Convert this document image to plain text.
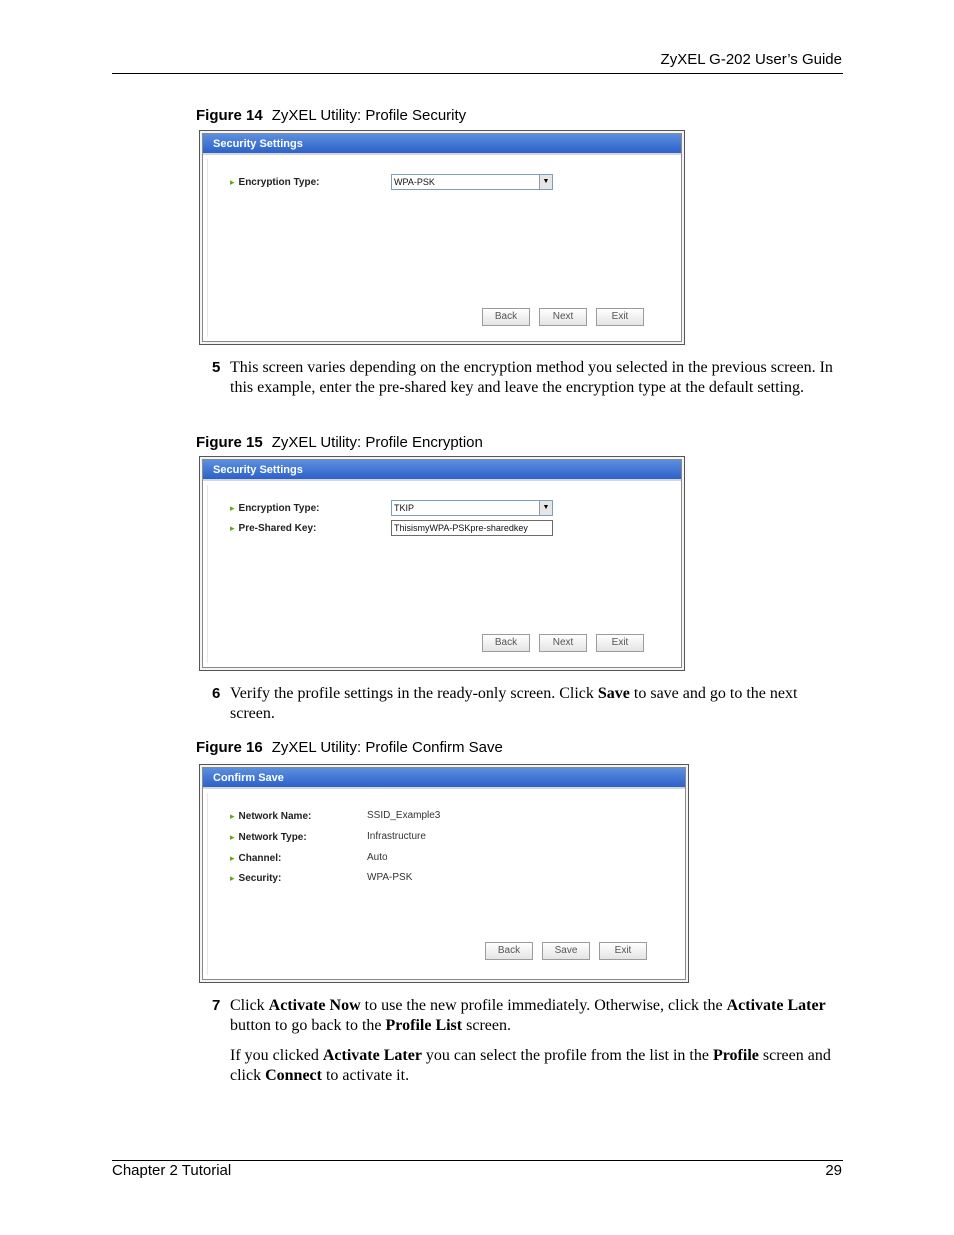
ZyXEL G-202 User’s Guide
Figure 14 ZyXEL Utility: Profile Security
Security Settings
▸ Encryption Type:	WPA-PSK	▼
Back	Next	Exit
5 This screen varies depending on the encryption method you selected in the previous screen. In this example, enter the pre-shared key and leave the encryption type at the default setting.
Figure 15 ZyXEL Utility: Profile Encryption
Security Settings
▸ Encryption Type:	TKIP	▼
▸ Pre-Shared Key:	ThisismyWPA-PSKpre-sharedkey
Back	Next	Exit
6 Verify the profile settings in the ready-only screen. Click Save to save and go to the next screen.
Figure 16 ZyXEL Utility: Profile Confirm Save
Confirm Save
▸ Network Name:	SSID_Example3
▸ Network Type:	Infrastructure
▸ Channel:	Auto
▸ Security:	WPA-PSK
Back	Save	Exit
7 Click Activate Now to use the new profile immediately. Otherwise, click the Activate Later button to go back to the Profile List screen.
If you clicked Activate Later you can select the profile from the list in the Profile screen and click Connect to activate it.
Chapter 2 Tutorial	29
